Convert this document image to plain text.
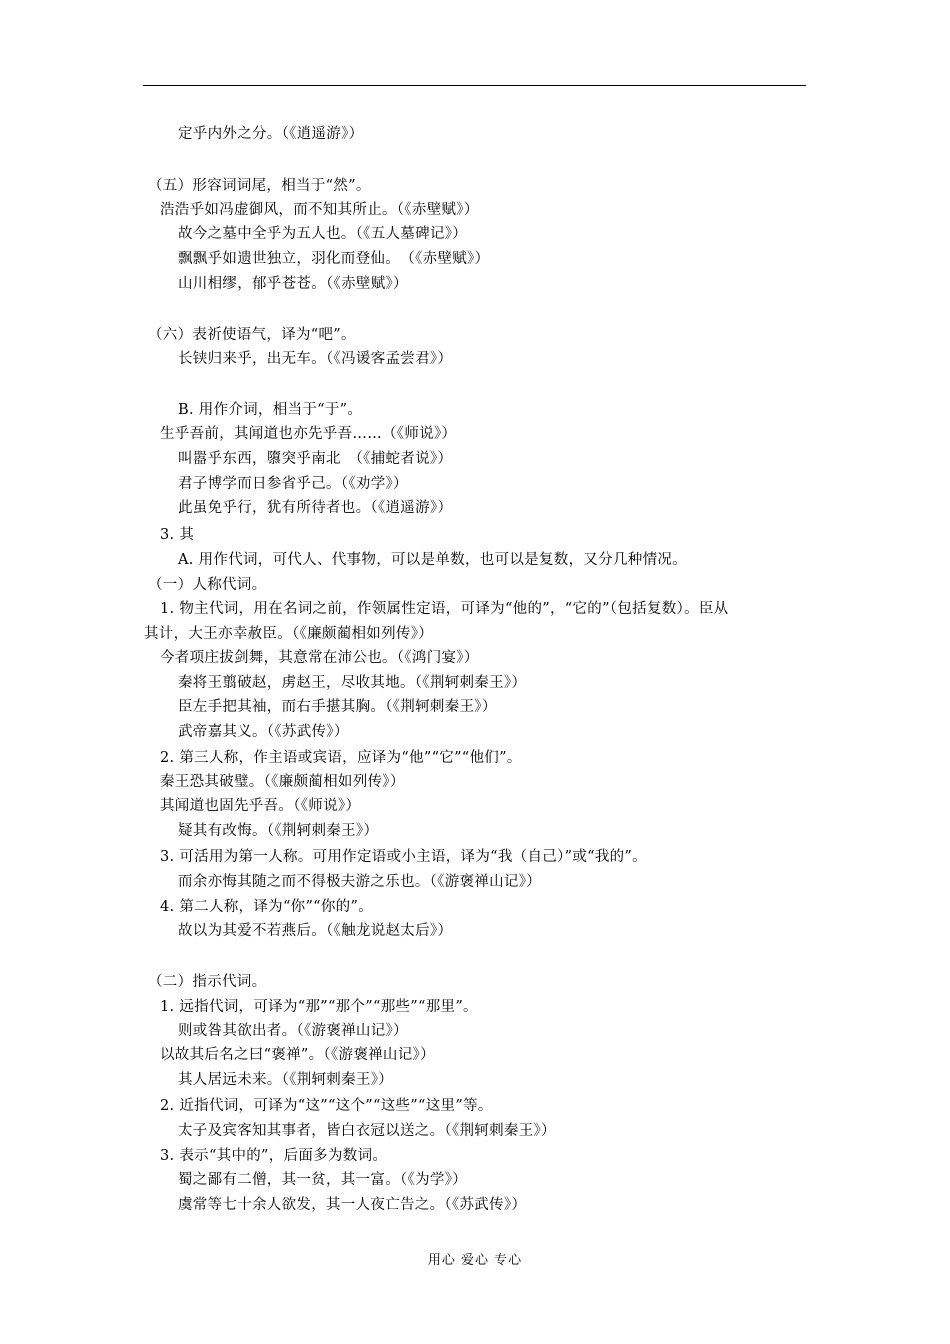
定乎内外之分。（《逍遥游》）
（五）形容词词尾，相当于“然”。
浩浩乎如冯虚御风，而不知其所止。（《赤壁赋》）
故今之墓中全乎为五人也。（《五人墓碑记》）
飘飘乎如遗世独立，羽化而登仙。　（《赤壁赋》）
山川相缪，郁乎苍苍。（《赤壁赋》）
（六）表祈使语气，译为“吧”。
长铗归来乎，出无车。（《冯谖客孟尝君》）
B. 用作介词，相当于“于”。
生乎吾前，其闻道也亦先乎吾……（《师说》）
叫嚣乎东西，隳突乎南北　（《捕蛇者说》）
君子博学而日参省乎己。（《劝学》）
此虽免乎行，犹有所待者也。（《逍遥游》）
3. 其
A. 用作代词，可代人、代事物，可以是单数，也可以是复数，又分几种情况。
（一）人称代词。
1. 物主代词，用在名词之前，作领属性定语，可译为“他的”，“它的”（包括复数）。臣从
其计，大王亦幸赦臣。（《廉颇蔺相如列传》）
今者项庄拔剑舞，其意常在沛公也。（《鸿门宴》）
秦将王翦破赵，虏赵王，尽收其地。（《荆轲刺秦王》）
臣左手把其袖，而右手揕其胸。（《荆轲刺秦王》）
武帝嘉其义。（《苏武传》）
2. 第三人称，作主语或宾语，应译为“他”“它”“他们”。
秦王恐其破璧。（《廉颇蔺相如列传》）
其闻道也固先乎吾。（《师说》）
疑其有改悔。（《荆轲刺秦王》）
3. 可活用为第一人称。可用作定语或小主语，译为“我（自己）”或“我的”。
而余亦悔其随之而不得极夫游之乐也。（《游褒禅山记》）
4. 第二人称，译为“你”“你的”。
故以为其爱不若燕后。（《触龙说赵太后》）
（二）指示代词。
1. 远指代词，可译为“那”“那个”“那些”“那里”。
则或咎其欲出者。（《游褒禅山记》）
以故其后名之曰“褒禅”。（《游褒禅山记》）
其人居远未来。（《荆轲刺秦王》）
2. 近指代词，可译为“这”“这个”“这些”“这里”等。
太子及宾客知其事者，皆白衣冠以送之。（《荆轲刺秦王》）
3. 表示“其中的”，后面多为数词。
蜀之鄙有二僧，其一贫，其一富。（《为学》）
虞常等七十余人欲发，其一人夜亡告之。（《苏武传》）
用心 爱心 专心
